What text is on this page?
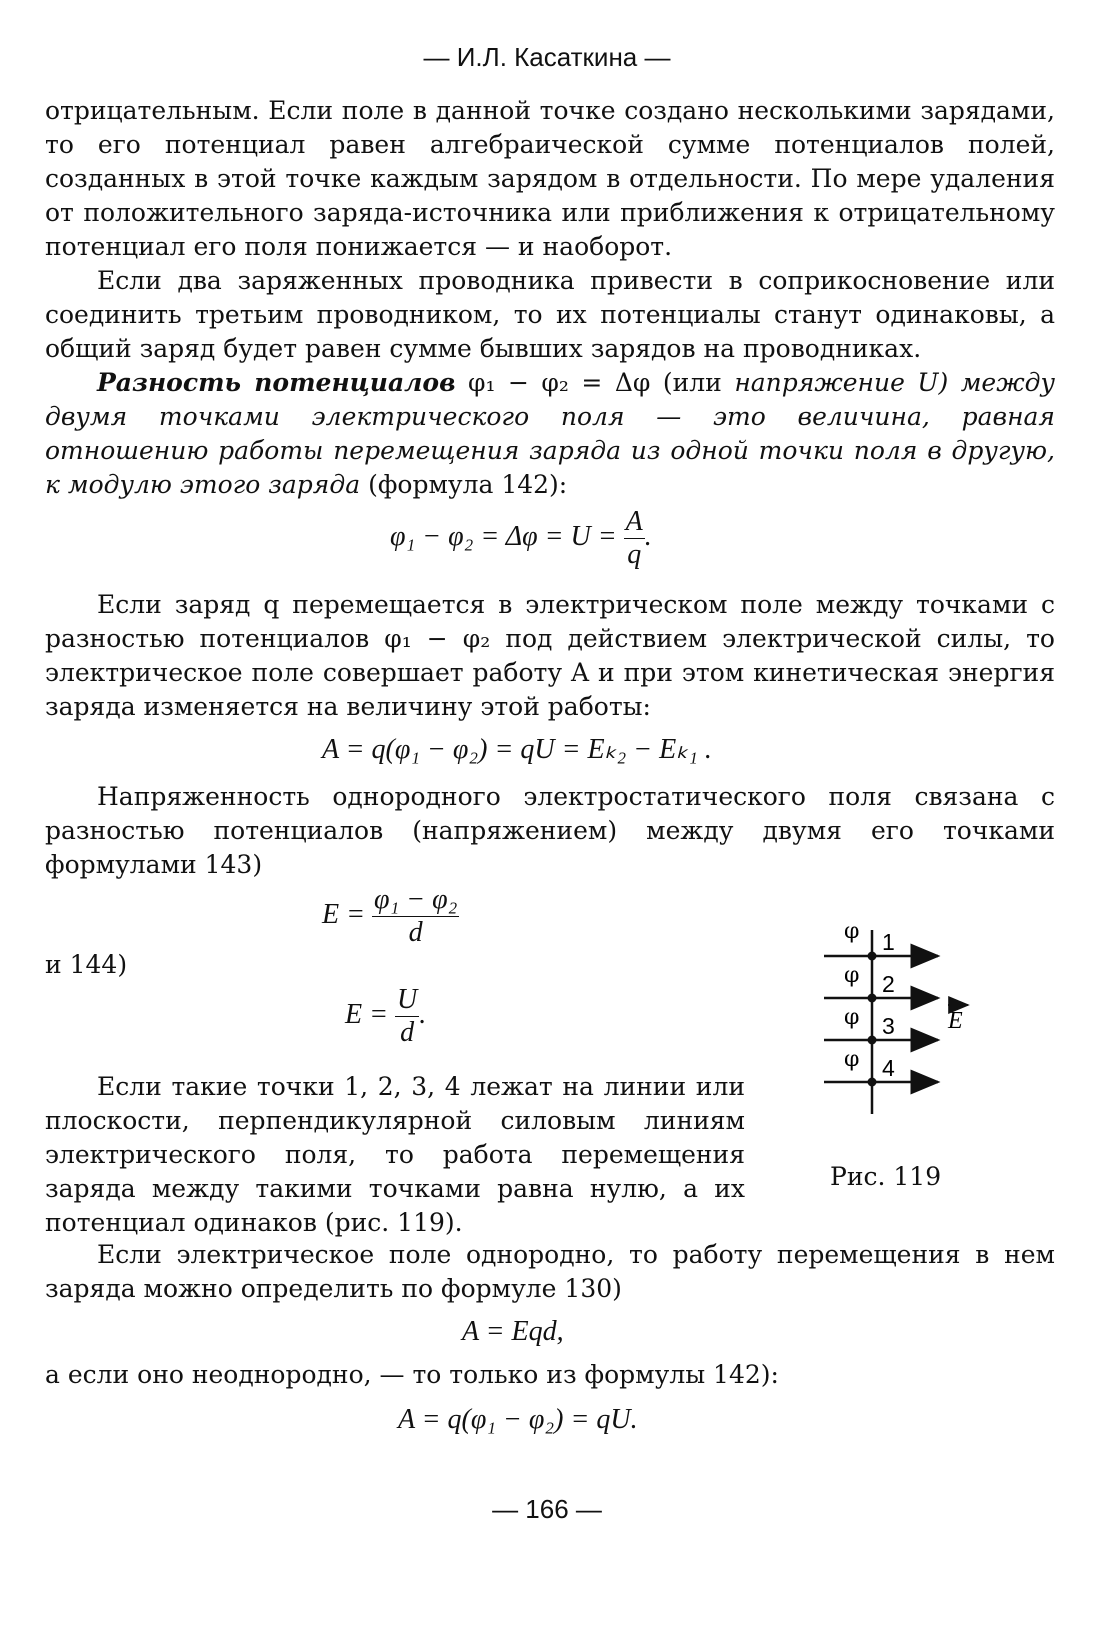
— И.Л. Касаткина —

отрицательным. Если поле в данной точке создано несколькими зарядами, то его потенциал равен алгебраической сумме потенциалов полей, созданных в этой точке каждым зарядом в отдельности. По мере удаления от положительного заряда-источника или приближения к отрицательному потенциал его поля понижается — и наоборот.

Если два заряженных проводника привести в соприкосновение или соединить третьим проводником, то их потенциалы станут одинаковы, а общий заряд будет равен сумме бывших зарядов на проводниках.

Разность потенциалов φ₁ − φ₂ = Δφ (или напряжение U) между двумя точками электрического поля — это величина, равная отношению работы перемещения заряда из одной точки поля в другую, к модулю этого заряда (формула 142):

$\varphi_1 - \varphi_2 = \Delta\varphi = U = \frac{A}{q}$ .

Если заряд q перемещается в электрическом поле между точками с разностью потенциалов φ₁ − φ₂ под действием электрической силы, то электрическое поле совершает работу A и при этом кинетическая энергия заряда изменяется на величину этой работы:

A = q(φ₁ − φ₂) = qU = Eₖ₂ − Eₖ₁ .

Напряженность однородного электростатического поля связана с разностью потенциалов (напряжением) между двумя его точками формулами 143)

$E = \frac{\text{φ₁ − φ₂}}{d}$
и 144)
$E = \frac{U}{d}$ .

Если такие точки 1, 2, 3, 4 лежат на линии или плоскости, перпендикулярной силовым линиям электрического поля, то работа перемещения заряда между такими точками равна нулю, а их потенциал одинаков (рис. 119).

φ
φ
φ
φ
1
2
3
4
E
Рис. 119

Если электрическое поле однородно, то работу перемещения в нем заряда можно определить по формуле 130)

A = Eqd,
а если оно неоднородно, — то только из формулы 142):
A = q(φ₁ − φ₂) = qU.
— 166 —
